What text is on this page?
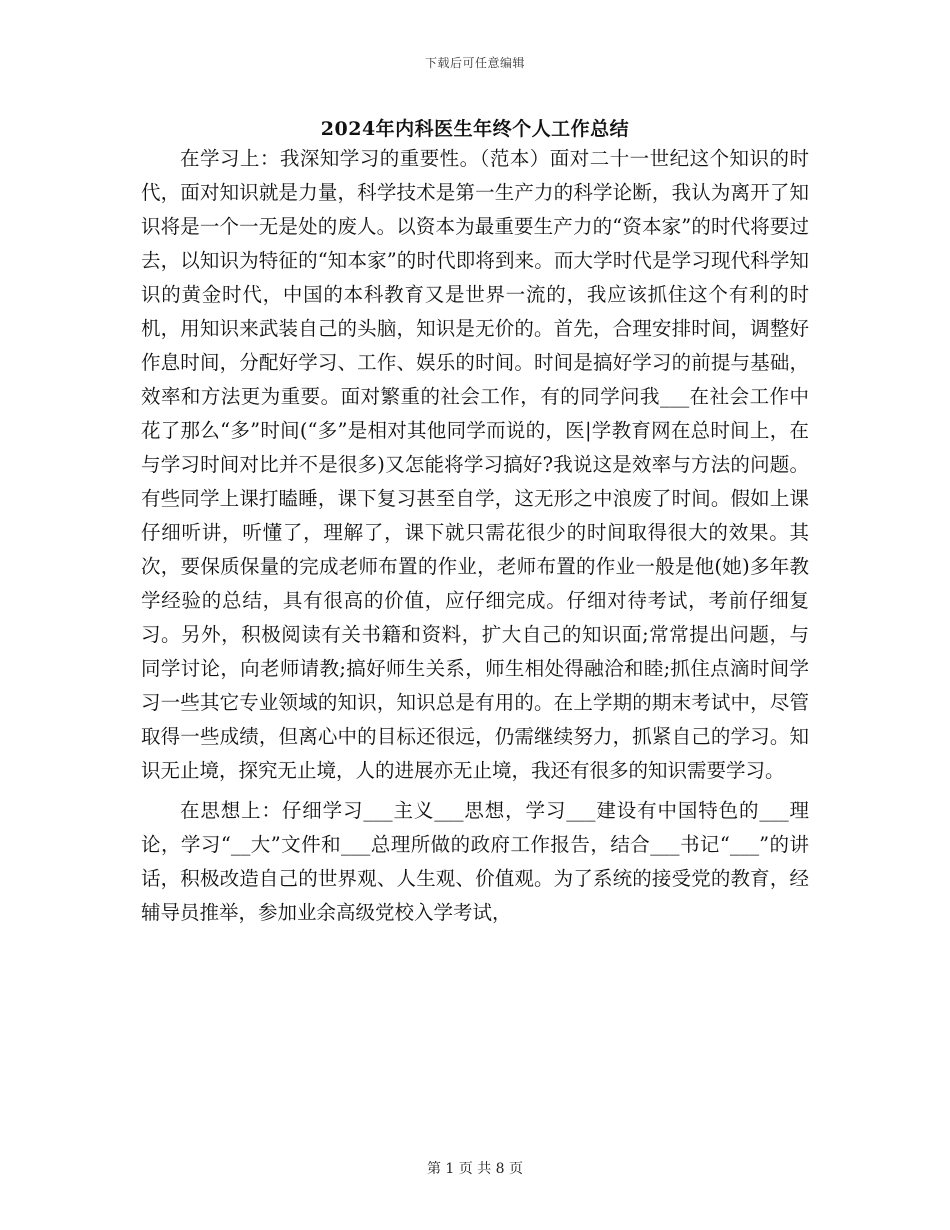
下载后可任意编辑
2024年内科医生年终个人工作总结

在学习上：我深知学习的重要性。（范本）面对二十一世纪这个知识的时代，面对知识就是力量，科学技术是第一生产力的科学论断，我认为离开了知识将是一个一无是处的废人。以资本为最重要生产力的“资本家”的时代将要过去，以知识为特征的“知本家”的时代即将到来。而大学时代是学习现代科学知识的黄金时代，中国的本科教育又是世界一流的，我应该抓住这个有利的时机，用知识来武装自己的头脑，知识是无价的。首先，合理安排时间，调整好作息时间，分配好学习、工作、娱乐的时间。时间是搞好学习的前提与基础，效率和方法更为重要。面对繁重的社会工作，有的同学问我___在社会工作中花了那么“多”时间(“多”是相对其他同学而说的，医|学教育网在总时间上，在与学习时间对比并不是很多)又怎能将学习搞好?我说这是效率与方法的问题。有些同学上课打瞌睡，课下复习甚至自学，这无形之中浪废了时间。假如上课仔细听讲，听懂了，理解了，课下就只需花很少的时间取得很大的效果。其次，要保质保量的完成老师布置的作业，老师布置的作业一般是他(她)多年教学经验的总结，具有很高的价值，应仔细完成。仔细对待考试，考前仔细复习。另外，积极阅读有关书籍和资料，扩大自己的知识面;常常提出问题，与同学讨论，向老师请教;搞好师生关系，师生相处得融洽和睦;抓住点滴时间学习一些其它专业领域的知识，知识总是有用的。在上学期的期末考试中，尽管取得一些成绩，但离心中的目标还很远，仍需继续努力，抓紧自己的学习。知识无止境，探究无止境，人的进展亦无止境，我还有很多的知识需要学习。

在思想上：仔细学习___主义___思想，学习___建设有中国特色的___理论，学习“__大”文件和___总理所做的政府工作报告，结合___书记“___”的讲话，积极改造自己的世界观、人生观、价值观。为了系统的接受党的教育，经辅导员推举，参加业余高级党校入学考试，

第 1 页 共 8 页
